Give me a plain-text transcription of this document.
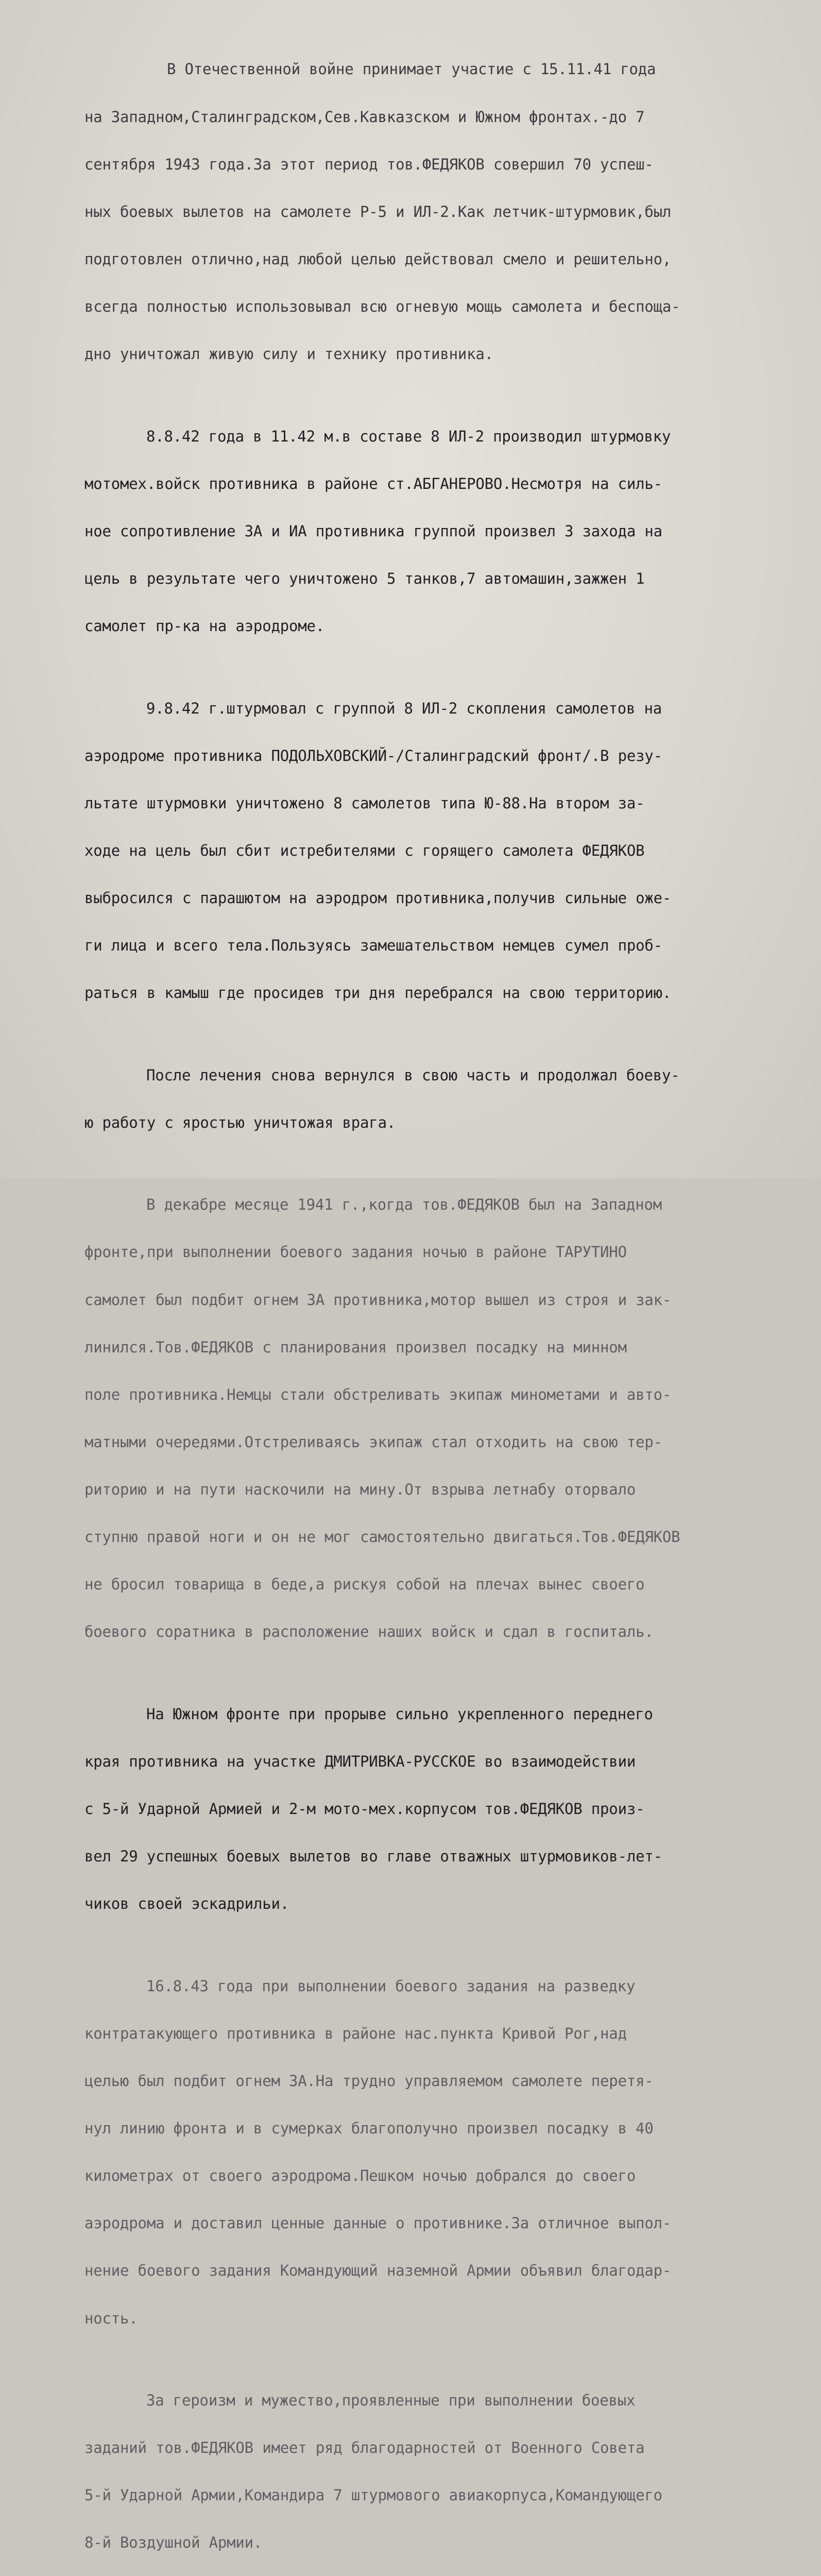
В Отечественной войне принимает участие с 15.11.41 года

на Западном,Сталинградском,Сев.Кавказском и Южном фронтах.-до 7

сентября 1943 года.За этот период тов.ФЕДЯКОВ совершил 70 успеш-

ных боевых вылетов на самолете Р-5 и ИЛ-2.Как летчик-штурмовик,был

подготовлен отлично,над любой целью действовал смело и решительно,

всегда полностью использовывал всю огневую мощь самолета и беспоща-

дно уничтожал живую силу и технику противника.

8.8.42 года в 11.42 м.в составе 8 ИЛ-2 производил штурмовку

мотомех.войск противника в районе ст.АБГАНЕРОВО.Несмотря на силь-

ное сопротивление ЗА и ИА противника группой произвел 3 захода на

цель в результате чего уничтожено 5 танков,7 автомашин,зажжен 1

самолет пр-ка на аэродроме.

9.8.42 г.штурмовал с группой 8 ИЛ-2 скопления самолетов на

аэродроме противника ПОДОЛЬХОВСКИЙ-/Сталинградский фронт/.В резу-

льтате штурмовки уничтожено 8 самолетов типа Ю-88.На втором за-

ходе на цель был сбит истребителями с горящего самолета ФЕДЯКОВ

выбросился с парашютом на аэродром противника,получив сильные оже-

ги лица и всего тела.Пользуясь замешательством немцев сумел проб-

раться в камыш где просидев три дня перебрался на свою территорию.

После лечения снова вернулся в свою часть и продолжал боеву-

ю работу с яростью уничтожая врага.

В декабре месяце 1941 г.,когда тов.ФЕДЯКОВ был на Западном

фронте,при выполнении боевого задания ночью в районе ТАРУТИНО

самолет был подбит огнем ЗА противника,мотор вышел из строя и зак-

линился.Тов.ФЕДЯКОВ с планирования произвел посадку на минном

поле противника.Немцы стали обстреливать экипаж минометами и авто-

матными очередями.Отстреливаясь экипаж стал отходить на свою тер-

риторию и на пути наскочили на мину.От взрыва летнабу оторвало

ступню правой ноги и он не мог самостоятельно двигаться.Тов.ФЕДЯКОВ

не бросил товарища в беде,а рискуя собой на плечах вынес своего

боевого соратника в расположение наших войск и сдал в госпиталь.

На Южном фронте при прорыве сильно укрепленного переднего

края противника на участке ДМИТРИВКА-РУССКОЕ во взаимодействии

с 5-й Ударной Армией и 2-м мото-мех.корпусом тов.ФЕДЯКОВ произ-

вел 29 успешных боевых вылетов во главе отважных штурмовиков-лет-

чиков своей эскадрильи.

16.8.43 года при выполнении боевого задания на разведку

контратакующего противника в районе нас.пункта Кривой Рог,над

целью был подбит огнем ЗА.На трудно управляемом самолете перетя-

нул линию фронта и в сумерках благополучно произвел посадку в 40

километрах от своего аэродрома.Пешком ночью добрался до своего

аэродрома и доставил ценные данные о противнике.За отличное выпол-

нение боевого задания Командующий наземной Армии объявил благодар-

ность.

За героизм и мужество,проявленные при выполнении боевых

заданий тов.ФЕДЯКОВ имеет ряд благодарностей от Военного Совета

5-й Ударной Армии,Командира 7 штурмового авиакорпуса,Командующего

8-й Воздушной Армии.
